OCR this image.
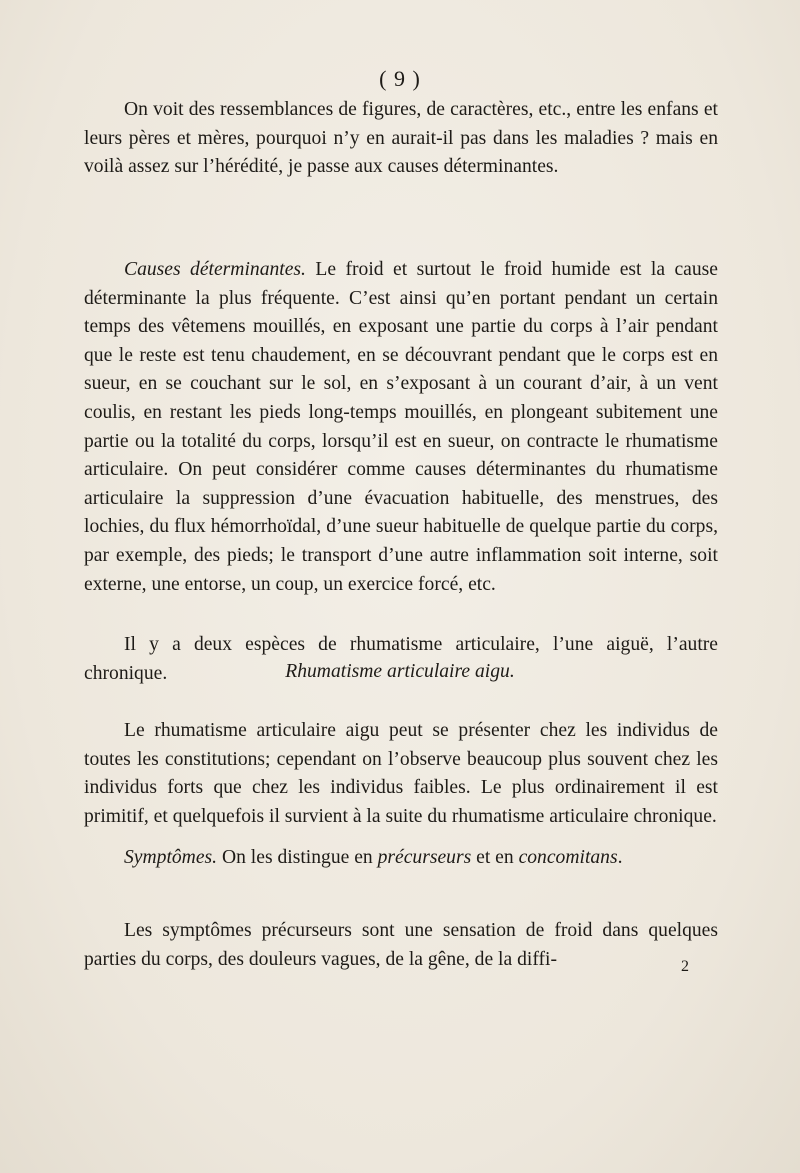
( 9 )

On voit des ressemblances de figures, de caractères, etc., entre les enfans et leurs pères et mères, pourquoi n’y en aurait-il pas dans les maladies ? mais en voilà assez sur l’hérédité, je passe aux causes déterminantes.

Causes déterminantes. Le froid et surtout le froid humide est la cause déterminante la plus fréquente. C’est ainsi qu’en portant pendant un certain temps des vêtemens mouillés, en exposant une partie du corps à l’air pendant que le reste est tenu chaudement, en se découvrant pendant que le corps est en sueur, en se couchant sur le sol, en s’exposant à un courant d’air, à un vent coulis, en restant les pieds long-temps mouillés, en plongeant subitement une partie ou la totalité du corps, lorsqu’il est en sueur, on contracte le rhumatisme articulaire. On peut considérer comme causes déterminantes du rhumatisme articulaire la suppression d’une évacuation habituelle, des menstrues, des lochies, du flux hémorrhoïdal, d’une sueur habituelle de quelque partie du corps, par exemple, des pieds; le transport d’une autre inflammation soit interne, soit externe, une entorse, un coup, un exercice forcé, etc.

Il y a deux espèces de rhumatisme articulaire, l’une aiguë, l’autre chronique.	Rhumatisme articulaire aigu.

Le rhumatisme articulaire aigu peut se présenter chez les individus de toutes les constitutions; cependant on l’observe beaucoup plus souvent chez les individus forts que chez les individus faibles. Le plus ordinairement il est primitif, et quelquefois il survient à la suite du rhumatisme articulaire chronique.

Symptômes. On les distingue en précurseurs et en concomitans.

Les symptômes précurseurs sont une sensation de froid dans quelques parties du corps, des douleurs vagues, de la gêne, de la diffi-	2
